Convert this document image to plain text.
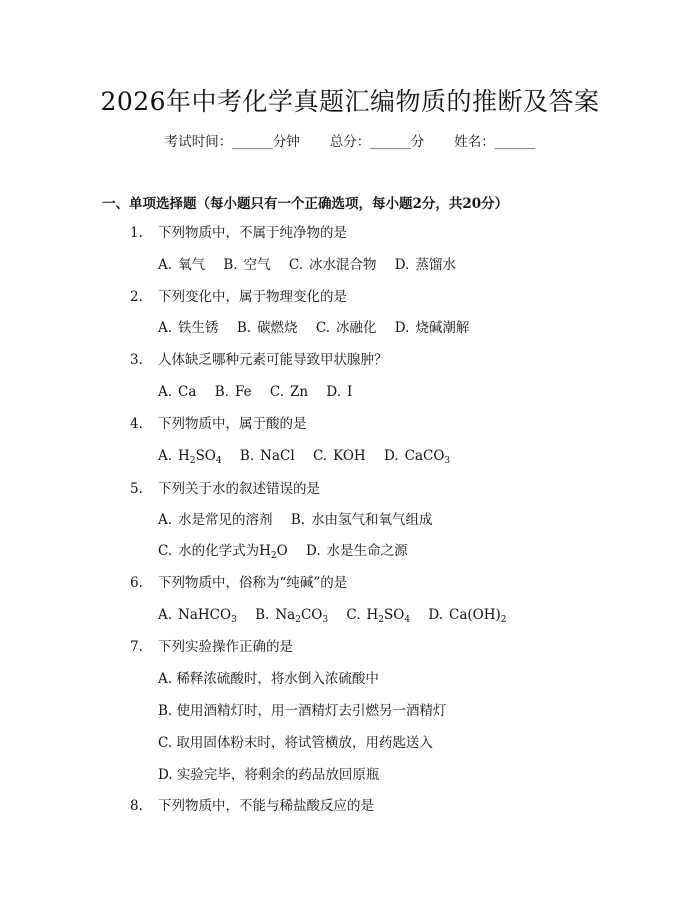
2026年中考化学真题汇编物质的推断及答案
考试时间：______分钟 总分：______分 姓名：______
一、单项选择题（每小题只有一个正确选项，每小题2分，共20分）
1. 下列物质中，不属于纯净物的是
A. 氧气 B. 空气 C. 冰水混合物 D. 蒸馏水
2. 下列变化中，属于物理变化的是
A. 铁生锈 B. 碳燃烧 C. 冰融化 D. 烧碱潮解
3. 人体缺乏哪种元素可能导致甲状腺肿？
A. Ca B. Fe C. Zn D. I
4. 下列物质中，属于酸的是
A. $H_2SO_4$ B. NaCl C. KOH D. CaCO$_3$
5. 下列关于水的叙述错误的是
A. 水是常见的溶剂 B. 水由氢气和氧气组成
C. 水的化学式为$H_2O$ D. 水是生命之源
6. 下列物质中，俗称为“纯碱”的是
A. NaHCO$_3$ B. $Na_2CO_3$ C. $H_2SO_4$ D. $Ca(OH)_2$
7. 下列实验操作正确的是
A. 稀释浓硫酸时，将水倒入浓硫酸中
B. 使用酒精灯时，用一酒精灯去引燃另一酒精灯
C. 取用固体粉末时，将试管横放，用药匙送入
D. 实验完毕，将剩余的药品放回原瓶
8. 下列物质中，不能与稀盐酸反应的是
